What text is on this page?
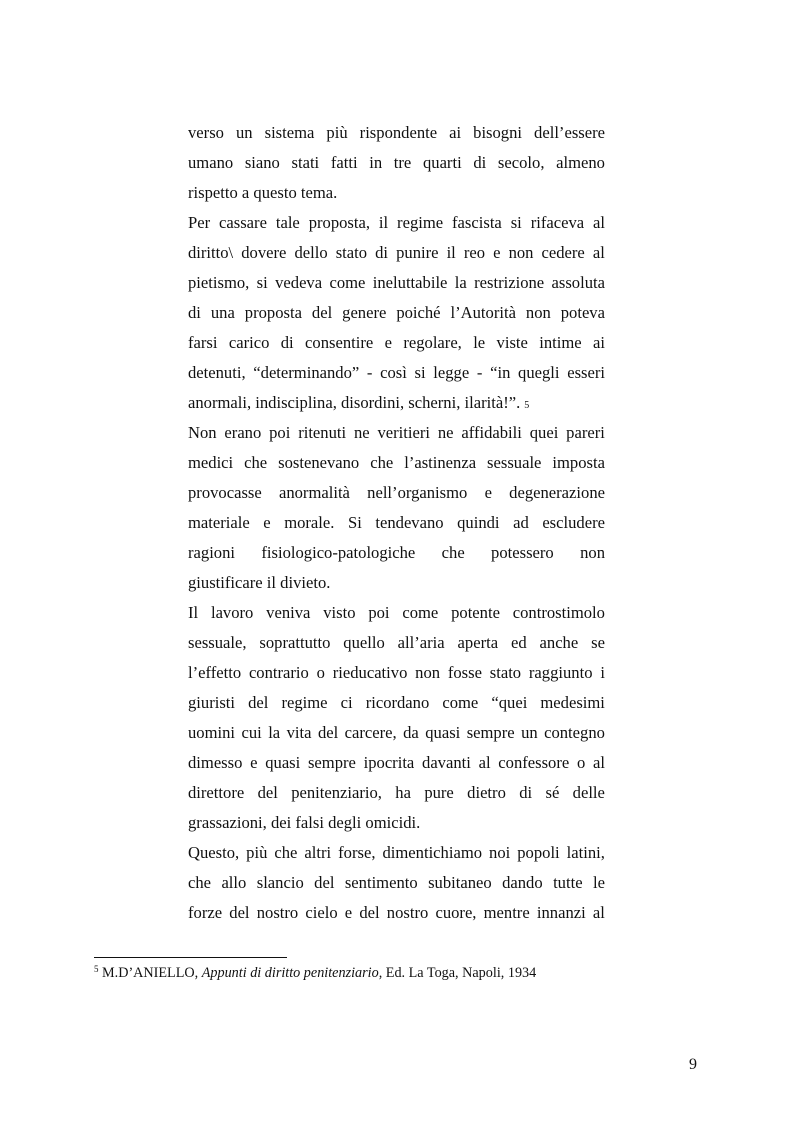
verso un sistema più rispondente ai bisogni dell’essere
umano siano stati fatti in tre quarti di secolo, almeno
rispetto a questo tema.
Per cassare tale proposta, il regime fascista si rifaceva al
diritto\ dovere dello stato di punire il reo e non cedere al
pietismo, si vedeva come ineluttabile la restrizione assoluta
di una proposta del genere poiché l’Autorità non poteva
farsi carico di consentire e regolare, le viste intime ai
detenuti, “determinando” - così si legge - “in quegli esseri
anormali, indisciplina, disordini, scherni, ilarità!”. 5
Non erano poi ritenuti ne veritieri ne affidabili quei pareri
medici che sostenevano che l’astinenza sessuale imposta
provocasse anormalità nell’organismo e degenerazione
materiale e morale. Si tendevano quindi ad escludere
ragioni fisiologico-patologiche che potessero non
giustificare il divieto.
Il lavoro veniva visto poi come potente controstimolo
sessuale, soprattutto quello all’aria aperta ed anche se
l’effetto contrario o rieducativo non fosse stato raggiunto i
giuristi del regime ci ricordano come “quei medesimi
uomini cui la vita del carcere, da quasi sempre un contegno
dimesso e quasi sempre ipocrita davanti al confessore o al
direttore del penitenziario, ha pure dietro di sé delle
grassazioni, dei falsi degli omicidi.
Questo, più che altri forse, dimentichiamo noi popoli latini,
che allo slancio del sentimento subitaneo dando tutte le
forze del nostro cielo e del nostro cuore, mentre innanzi al
$^5$ M.D’ANIELLO, Appunti di diritto penitenziario, Ed. La Toga, Napoli, 1934
9
